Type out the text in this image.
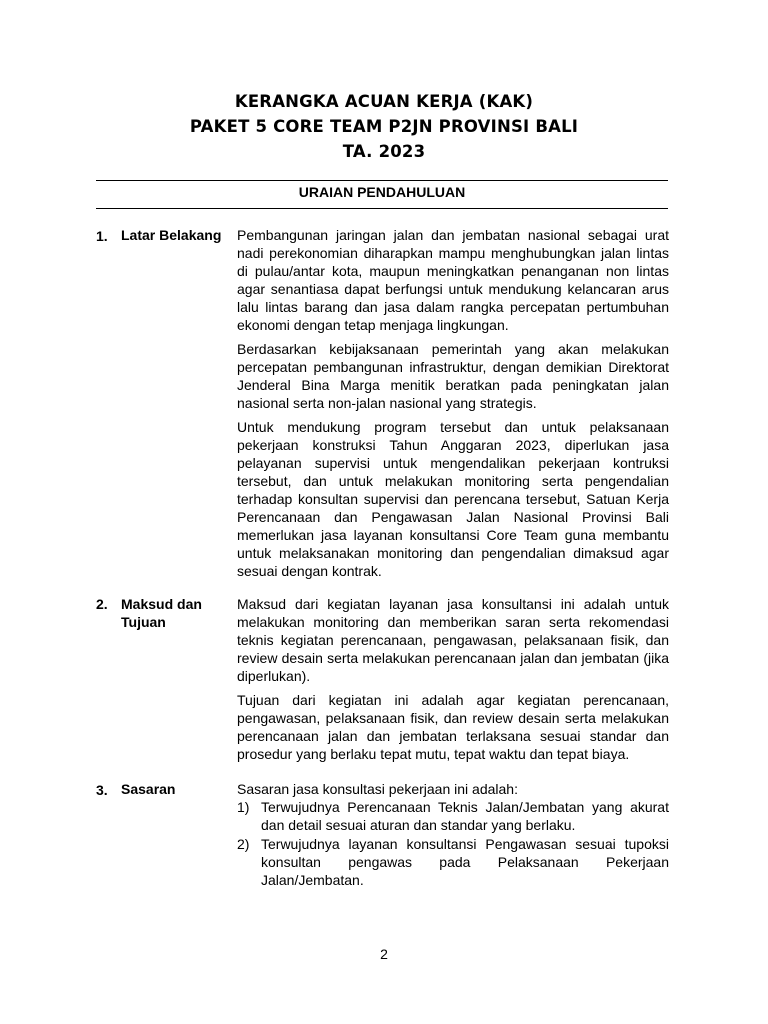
KERANGKA ACUAN KERJA (KAK)
PAKET 5 CORE TEAM P2JN PROVINSI BALI
TA. 2023
URAIAN PENDAHULUAN
1. Latar Belakang	Pembangunan jaringan jalan dan jembatan nasional sebagai urat nadi perekonomian diharapkan mampu menghubungkan jalan lintas di pulau/antar kota, maupun meningkatkan penanganan non lintas agar senantiasa dapat berfungsi untuk mendukung kelancaran arus lalu lintas barang dan jasa dalam rangka percepatan pertumbuhan ekonomi dengan tetap menjaga lingkungan.

Berdasarkan kebijaksanaan pemerintah yang akan melakukan percepatan pembangunan infrastruktur, dengan demikian Direktorat Jenderal Bina Marga menitik beratkan pada peningkatan jalan nasional serta non-jalan nasional yang strategis.

Untuk mendukung program tersebut dan untuk pelaksanaan pekerjaan konstruksi Tahun Anggaran 2023, diperlukan jasa pelayanan supervisi untuk mengendalikan pekerjaan kontruksi tersebut, dan untuk melakukan monitoring serta pengendalian terhadap konsultan supervisi dan perencana tersebut, Satuan Kerja Perencanaan dan Pengawasan Jalan Nasional Provinsi Bali memerlukan jasa layanan konsultansi Core Team guna membantu untuk melaksanakan monitoring dan pengendalian dimaksud agar sesuai dengan kontrak.

2. Maksud dan Tujuan

Maksud dari kegiatan layanan jasa konsultansi ini adalah untuk melakukan monitoring dan memberikan saran serta rekomendasi teknis kegiatan perencanaan, pengawasan, pelaksanaan fisik, dan review desain serta melakukan perencanaan jalan dan jembatan (jika diperlukan).

Tujuan dari kegiatan ini adalah agar kegiatan perencanaan, pengawasan, pelaksanaan fisik, dan review desain serta melakukan perencanaan jalan dan jembatan terlaksana sesuai standar dan prosedur yang berlaku tepat mutu, tepat waktu dan tepat biaya.

3. Sasaran	Sasaran jasa konsultasi pekerjaan ini adalah:

1) Terwujudnya Perencanaan Teknis Jalan/Jembatan yang akurat dan detail sesuai aturan dan standar yang berlaku.
2) Terwujudnya layanan konsultansi Pengawasan sesuai tupoksi konsultan pengawas pada Pelaksanaan Pekerjaan Jalan/Jembatan.
2
